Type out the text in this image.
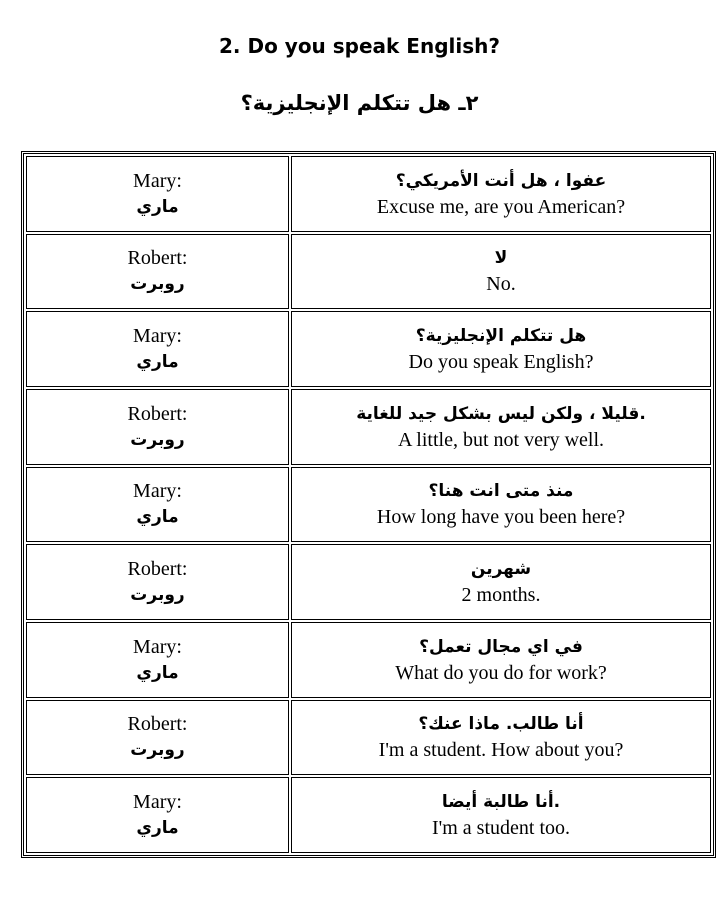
2. Do you speak English?
٢ـ هل تتكلم الإنجليزية؟
Mary:
ماري	عفوا ، هل أنت الأمريكي؟
Excuse me, are you American?

Robert:
روبرت	لا
No.

Mary:
ماري	هل تتكلم الإنجليزية؟
Do you speak English?

Robert:
روبرت	.قليلا ، ولكن ليس بشكل جيد للغاية
A little, but not very well.

Mary:
ماري	منذ متى انت هنا؟
How long have you been here?

Robert:
روبرت	شهرين
2 months.

Mary:
ماري	في اي مجال تعمل؟
What do you do for work?

Robert:
روبرت	أنا طالب. ماذا عنك؟
I'm a student. How about you?

Mary:
ماري	.أنا طالبة أيضا
I'm a student too.
